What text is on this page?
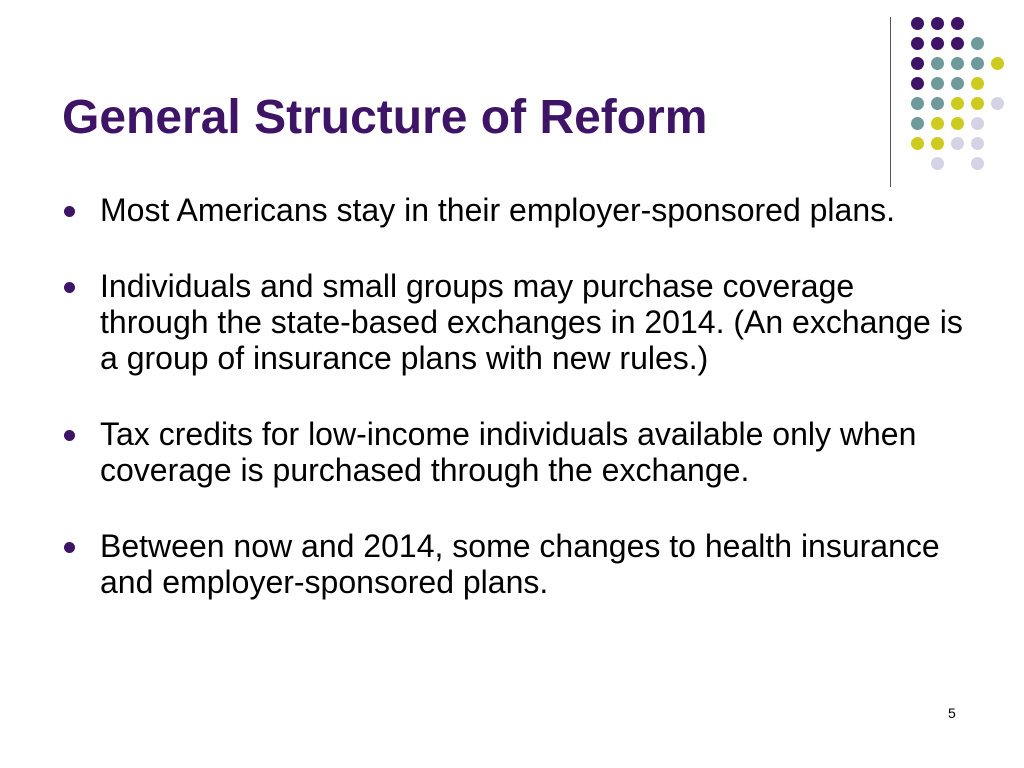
General Structure of Reform
Most Americans stay in their employer-sponsored plans.
Individuals and small groups may purchase coverage through the state-based exchanges in 2014. (An exchange is a group of insurance plans with new rules.)
Tax credits for low-income individuals available only when coverage is purchased through the exchange.
Between now and 2014, some changes to health insurance and employer-sponsored plans.
5
